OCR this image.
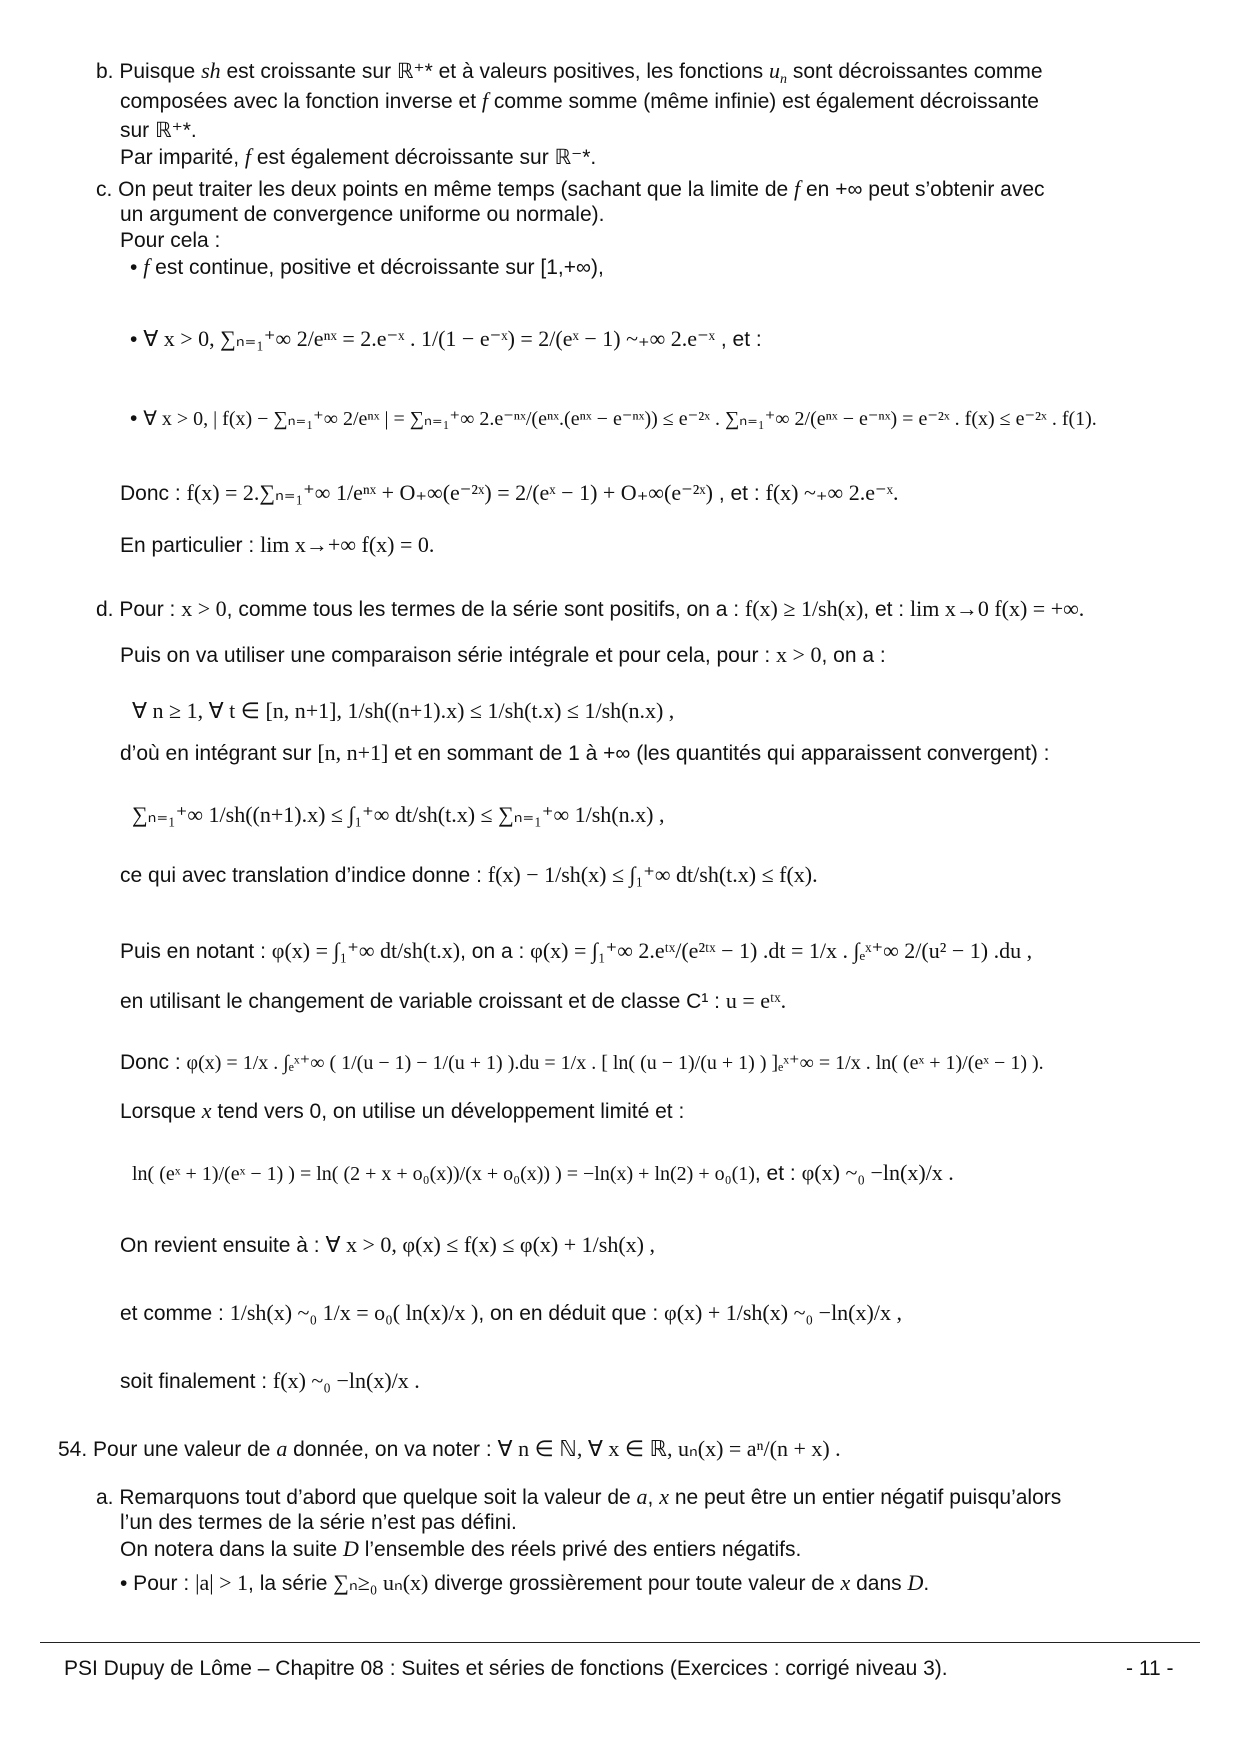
b. Puisque sh est croissante sur ℝ⁺* et à valeurs positives, les fonctions $u_n$ sont décroissantes comme
composées avec la fonction inverse et f comme somme (même infinie) est également décroissante
sur ℝ⁺*.
Par imparité, f est également décroissante sur ℝ⁻*.
c. On peut traiter les deux points en même temps (sachant que la limite de f en +∞ peut s’obtenir avec
un argument de convergence uniforme ou normale).
Pour cela :
• f est continue, positive et décroissante sur [1,+∞),
• ∀ x > 0, ∑ₙ₌₁⁺∞ 2/eⁿˣ = 2.e⁻ˣ . 1/(1 − e⁻ˣ) = 2/(eˣ − 1) ~₊∞ 2.e⁻ˣ , et :
• ∀ x > 0, | f(x) − ∑ₙ₌₁⁺∞ 2/eⁿˣ | = ∑ₙ₌₁⁺∞ 2.e⁻ⁿˣ/(eⁿˣ.(eⁿˣ − e⁻ⁿˣ)) ≤ e⁻²ˣ . ∑ₙ₌₁⁺∞ 2/(eⁿˣ − e⁻ⁿˣ) = e⁻²ˣ . f(x) ≤ e⁻²ˣ . f(1).
Donc : f(x) = 2.∑ₙ₌₁⁺∞ 1/eⁿˣ + O₊∞(e⁻²ˣ) = 2/(eˣ − 1) + O₊∞(e⁻²ˣ) , et : f(x) ~₊∞ 2.e⁻ˣ.
En particulier : lim x→+∞ f(x) = 0.
d. Pour : x > 0, comme tous les termes de la série sont positifs, on a : f(x) ≥ 1/sh(x), et : lim x→0 f(x) = +∞.
Puis on va utiliser une comparaison série intégrale et pour cela, pour : x > 0, on a :
∀ n ≥ 1, ∀ t ∈ [n, n+1], 1/sh((n+1).x) ≤ 1/sh(t.x) ≤ 1/sh(n.x) ,
d’où en intégrant sur [n, n+1] et en sommant de 1 à +∞ (les quantités qui apparaissent convergent) :
∑ₙ₌₁⁺∞ 1/sh((n+1).x) ≤ ∫₁⁺∞ dt/sh(t.x) ≤ ∑ₙ₌₁⁺∞ 1/sh(n.x) ,
ce qui avec translation d’indice donne : f(x) − 1/sh(x) ≤ ∫₁⁺∞ dt/sh(t.x) ≤ f(x).
Puis en notant : φ(x) = ∫₁⁺∞ dt/sh(t.x), on a : φ(x) = ∫₁⁺∞ 2.eᵗˣ/(e²ᵗˣ − 1) .dt = 1/x . ∫ₑˣ⁺∞ 2/(u² − 1) .du ,
en utilisant le changement de variable croissant et de classe C¹ : u = eᵗˣ.
Donc : φ(x) = 1/x . ∫ₑˣ⁺∞ ( 1/(u − 1) − 1/(u + 1) ).du = 1/x . [ ln( (u − 1)/(u + 1) ) ]ₑˣ⁺∞ = 1/x . ln( (eˣ + 1)/(eˣ − 1) ).
Lorsque x tend vers 0, on utilise un développement limité et :
ln( (eˣ + 1)/(eˣ − 1) ) = ln( (2 + x + o₀(x))/(x + o₀(x)) ) = −ln(x) + ln(2) + o₀(1), et : φ(x) ~₀ −ln(x)/x .
On revient ensuite à : ∀ x > 0, φ(x) ≤ f(x) ≤ φ(x) + 1/sh(x) ,
et comme : 1/sh(x) ~₀ 1/x = o₀( ln(x)/x ), on en déduit que : φ(x) + 1/sh(x) ~₀ −ln(x)/x ,
soit finalement : f(x) ~₀ −ln(x)/x .
54. Pour une valeur de a donnée, on va noter : ∀ n ∈ ℕ, ∀ x ∈ ℝ, uₙ(x) = aⁿ/(n + x) .
a. Remarquons tout d’abord que quelque soit la valeur de a, x ne peut être un entier négatif puisqu’alors
l’un des termes de la série n’est pas défini.
On notera dans la suite D l’ensemble des réels privé des entiers négatifs.
• Pour : |a| > 1, la série ∑ₙ≥₀ uₙ(x) diverge grossièrement pour toute valeur de x dans D.
PSI Dupuy de Lôme – Chapitre 08 : Suites et séries de fonctions (Exercices : corrigé niveau 3).	- 11 -
